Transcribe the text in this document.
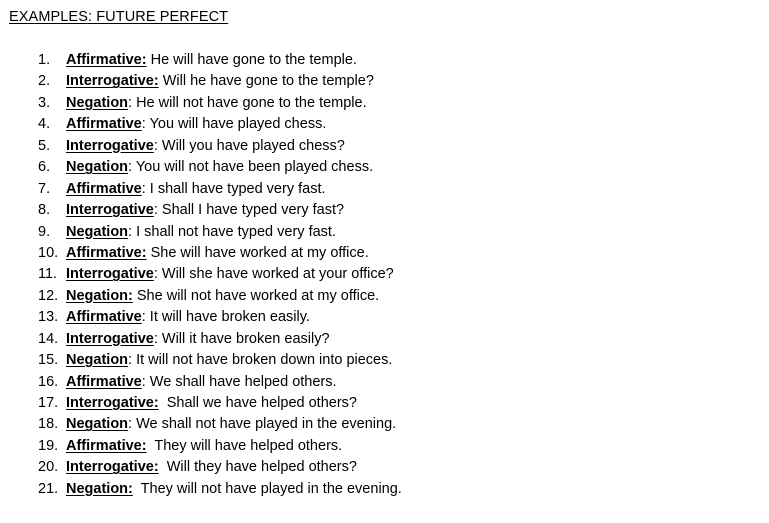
EXAMPLES: FUTURE PERFECT
1.	Affirmative: He will have gone to the temple.
2.	Interrogative: Will he have gone to the temple?
3.	Negation : He will not have gone to the temple.
4.	Affirmative : You will have played chess.
5.	Interrogative : Will you have played chess?
6.	Negation : You will not have been played chess.
7.	Affirmative : I shall have typed very fast.
8.	Interrogative : Shall I have typed very fast?
9.	Negation : I shall not have typed very fast.
10. Affirmative: She will have worked at my office.
11. Interrogative : Will she have worked at your office?
12. Negation: She will not have worked at my office.
13. Affirmative : It will have broken easily.
14. Interrogative : Will it have broken easily?
15. Negation : It will not have broken down into pieces.
16. Affirmative : We shall have helped others.
17. Interrogative: Shall we have helped others?
18. Negation : We shall not have played in the evening.
19. Affirmative: They will have helped others.
20. Interrogative: Will they have helped others?
21. Negation: They will not have played in the evening.
